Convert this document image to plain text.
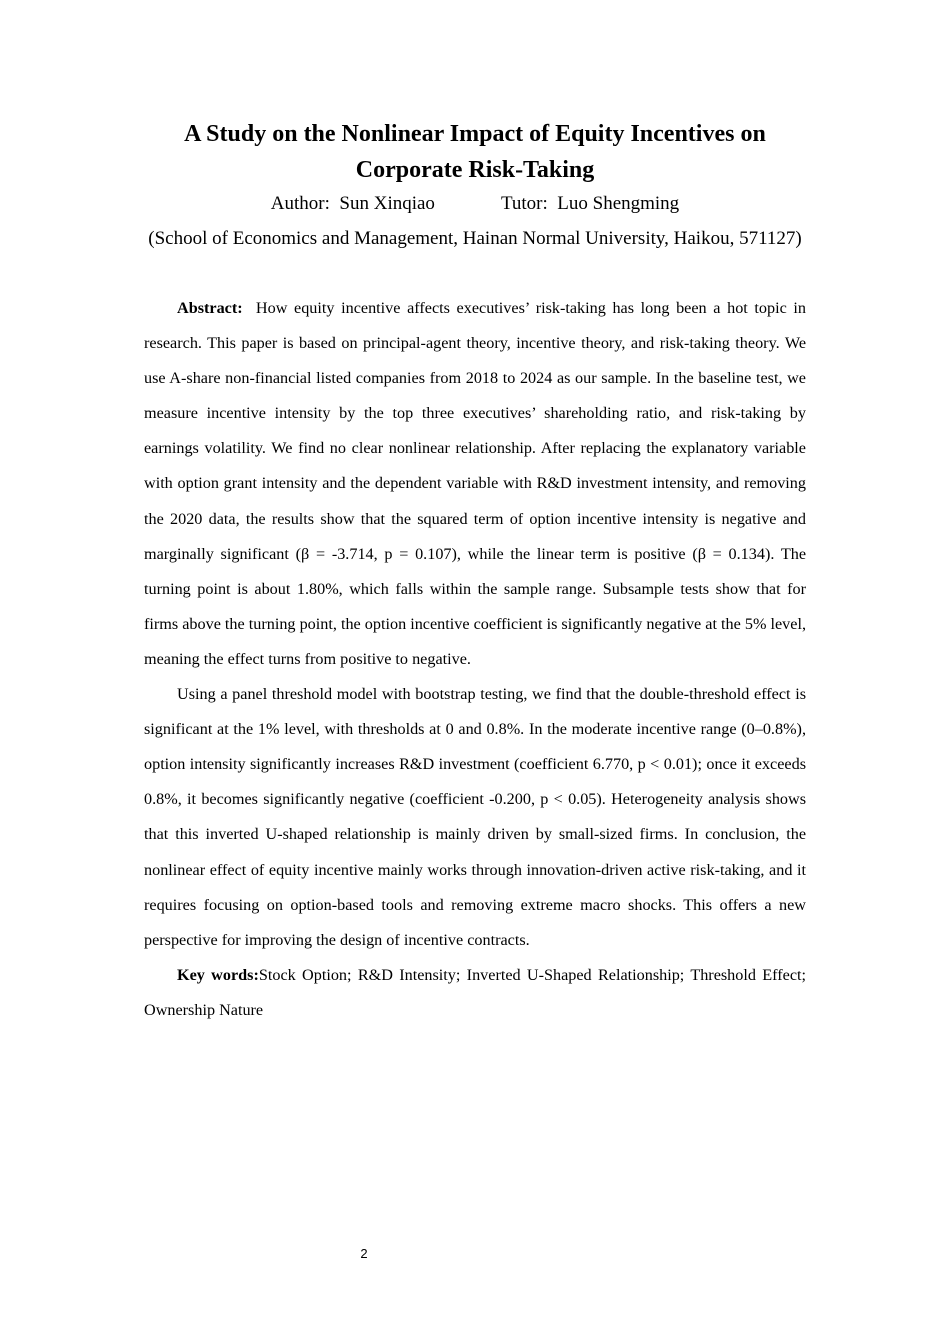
A Study on the Nonlinear Impact of Equity Incentives on Corporate Risk-Taking
Author: Sun Xinqiao	Tutor: Luo Shengming
(School of Economics and Management, Hainan Normal University, Haikou, 571127)

Abstract: How equity incentive affects executives’ risk-taking has long been a hot topic in research. This paper is based on principal-agent theory, incentive theory, and risk-taking theory. We use A-share non-financial listed companies from 2018 to 2024 as our sample. In the baseline test, we measure incentive intensity by the top three executives’ shareholding ratio, and risk-taking by earnings volatility. We find no clear nonlinear relationship. After replacing the explanatory variable with option grant intensity and the dependent variable with R&D investment intensity, and removing the 2020 data, the results show that the squared term of option incentive intensity is negative and marginally significant (β = -3.714, p = 0.107), while the linear term is positive (β = 0.134). The turning point is about 1.80%, which falls within the sample range. Subsample tests show that for firms above the turning point, the option incentive coefficient is significantly negative at the 5% level, meaning the effect turns from positive to negative.

Using a panel threshold model with bootstrap testing, we find that the double-threshold effect is significant at the 1% level, with thresholds at 0 and 0.8%. In the moderate incentive range (0–0.8%), option intensity significantly increases R&D investment (coefficient 6.770, p < 0.01); once it exceeds 0.8%, it becomes significantly negative (coefficient -0.200, p < 0.05). Heterogeneity analysis shows that this inverted U-shaped relationship is mainly driven by small-sized firms. In conclusion, the nonlinear effect of equity incentive mainly works through innovation-driven active risk-taking, and it requires focusing on option-based tools and removing extreme macro shocks. This offers a new perspective for improving the design of incentive contracts.

Key words:Stock Option; R&D Intensity; Inverted U-Shaped Relationship; Threshold Effect; Ownership Nature

2
